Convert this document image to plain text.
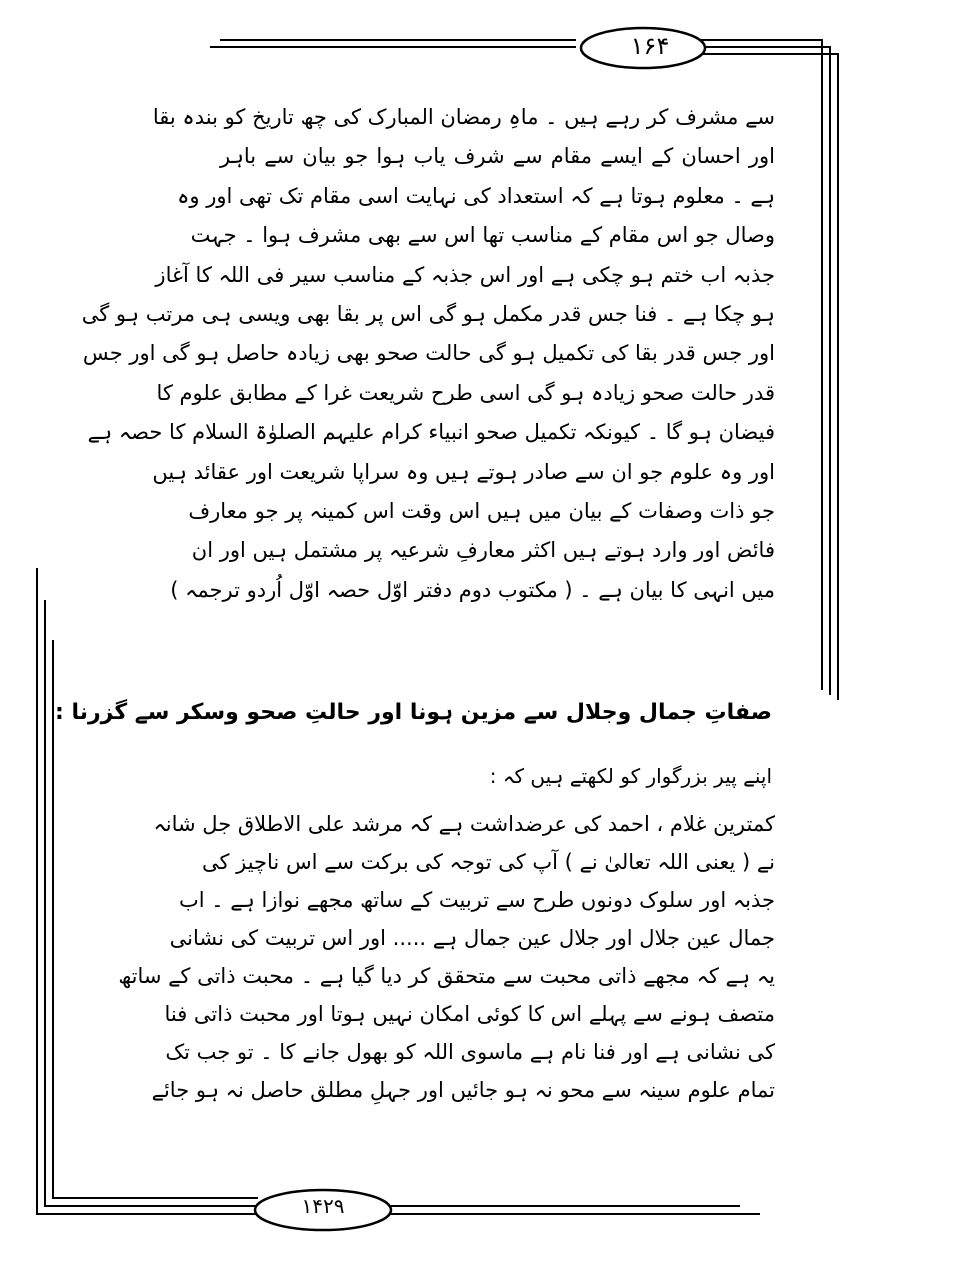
۱۶۴
۱۴۲۹
سے مشرف کر رہے ہیں ۔ ماہِ رمضان المبارک کی چھ تاریخ کو بندہ بقا
اور احسان کے ایسے مقام سے شرف یاب ہوا جو بیان سے باہر
ہے ۔ معلوم ہوتا ہے کہ استعداد کی نہایت اسی مقام تک تھی اور وہ
وصال جو اس مقام کے مناسب تھا اس سے بھی مشرف ہوا ۔ جہت
جذبہ اب ختم ہو چکی ہے اور اس جذبہ کے مناسب سیر فی اللہ کا آغاز
ہو چکا ہے ۔ فنا جس قدر مکمل ہو گی اس پر بقا بھی ویسی ہی مرتب ہو گی
اور جس قدر بقا کی تکمیل ہو گی حالت صحو بھی زیادہ حاصل ہو گی اور جس
قدر حالت صحو زیادہ ہو گی اسی طرح شریعت غرا کے مطابق علوم کا
فیضان ہو گا ۔ کیونکہ تکمیل صحو انبیاء کرام علیہم الصلوٰۃ السلام کا حصہ ہے
اور وہ علوم جو ان سے صادر ہوتے ہیں وہ سراپا شریعت اور عقائد ہیں
جو ذات وصفات کے بیان میں ہیں اس وقت اس کمینہ پر جو معارف
فائض اور وارد ہوتے ہیں اکثر معارفِ شرعیہ پر مشتمل ہیں اور ان
میں انہی کا بیان ہے ۔ ( مکتوب دوم دفتر اوّل حصہ اوّل اُردو ترجمہ )
صفاتِ جمال وجلال سے مزین ہونا اور حالتِ صحو وسکر سے گزرنا :
اپنے پیر بزرگوار کو لکھتے ہیں کہ :
کمترین غلام ، احمد کی عرضداشت ہے کہ مرشد علی الاطلاق جل شانہ
نے ( یعنی اللہ تعالیٰ نے ) آپ کی توجہ کی برکت سے اس ناچیز کی
جذبہ اور سلوک دونوں طرح سے تربیت کے ساتھ مجھے نوازا ہے ۔ اب
جمال عین جلال اور جلال عین جمال ہے ..... اور اس تربیت کی نشانی
یہ ہے کہ مجھے ذاتی محبت سے متحقق کر دیا گیا ہے ۔ محبت ذاتی کے ساتھ
متصف ہونے سے پہلے اس کا کوئی امکان نہیں ہوتا اور محبت ذاتی فنا
کی نشانی ہے اور فنا نام ہے ماسوی اللہ کو بھول جانے کا ۔ تو جب تک
تمام علوم سینہ سے محو نہ ہو جائیں اور جہلِ مطلق حاصل نہ ہو جائے
